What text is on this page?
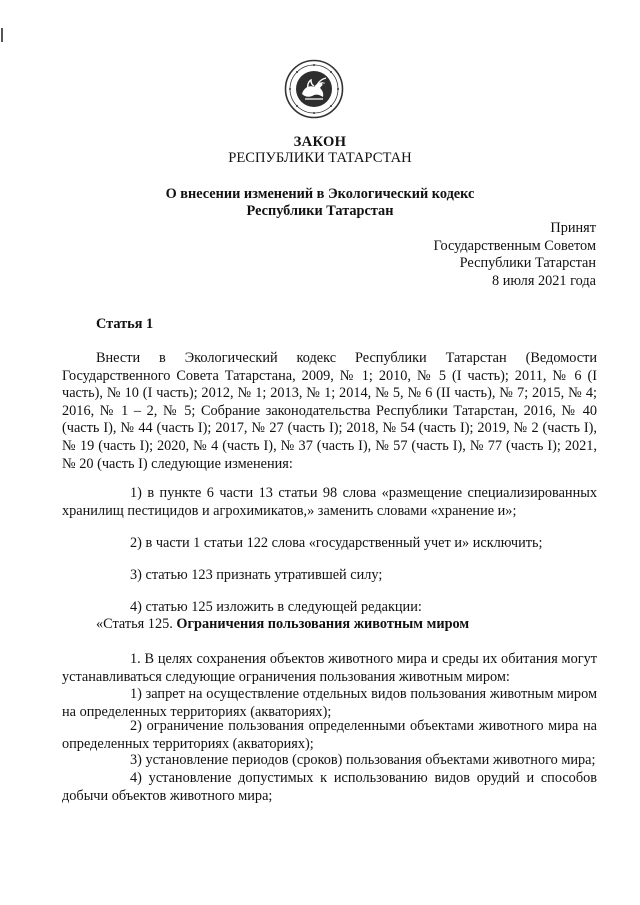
ЗАКОН
РЕСПУБЛИКИ ТАТАРСТАН
О внесении изменений в Экологический кодекс
Республики Татарстан
Принят
Государственным Советом
Республики Татарстан
8 июля 2021 года
Статья 1
Внести в Экологический кодекс Республики Татарстан (Ведомости Государственного Совета Татарстана, 2009, № 1; 2010, № 5 (I часть); 2011, № 6 (I часть), № 10 (I часть); 2012, № 1; 2013, № 1; 2014, № 5, № 6 (II часть), № 7; 2015, № 4; 2016, № 1 – 2, № 5; Собрание законодательства Республики Татарстан, 2016, № 40 (часть I), № 44 (часть I); 2017, № 27 (часть I); 2018, № 54 (часть I); 2019, № 2 (часть I), № 19 (часть I); 2020, № 4 (часть I), № 37 (часть I), № 57 (часть I), № 77 (часть I); 2021, № 20 (часть I) следующие изменения:
1) в пункте 6 части 13 статьи 98 слова «размещение специализированных хранилищ пестицидов и агрохимикатов,» заменить словами «хранение и»;
2) в части 1 статьи 122 слова «государственный учет и» исключить;
3) статью 123 признать утратившей силу;
4) статью 125 изложить в следующей редакции:
«Статья 125. Ограничения пользования животным миром
1. В целях сохранения объектов животного мира и среды их обитания могут устанавливаться следующие ограничения пользования животным миром:
1) запрет на осуществление отдельных видов пользования животным миром на определенных территориях (акваториях);
2) ограничение пользования определенными объектами животного мира на определенных территориях (акваториях);
3) установление периодов (сроков) пользования объектами животного мира;
4) установление допустимых к использованию видов орудий и способов добычи объектов животного мира;
